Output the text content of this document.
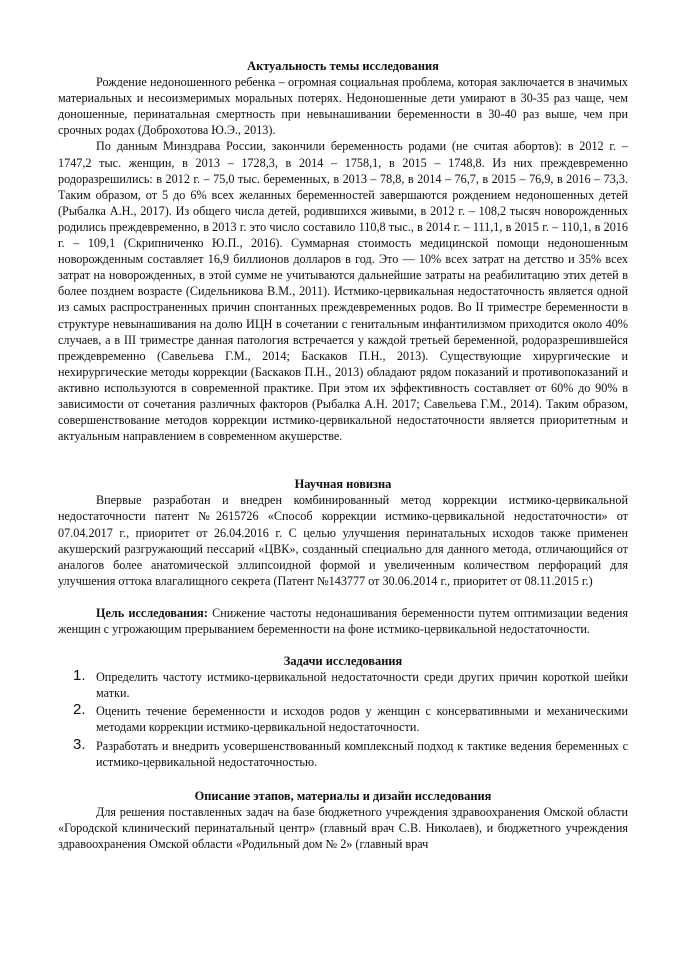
Актуальность темы исследования

Рождение недоношенного ребенка – огромная социальная проблема, которая заключается в значимых материальных и несоизмеримых моральных потерях. Недоношенные дети умирают в 30-35 раз чаще, чем доношенные, перинатальная смертность при невынашивании беременности в 30-40 раз выше, чем при срочных родах (Доброхотова Ю.Э., 2013).

По данным Минздрава России, закончили беременность родами (не считая абортов): в 2012 г. – 1747,2 тыс. женщин, в 2013 – 1728,3, в 2014 – 1758,1, в 2015 – 1748,8. Из них преждевременно родоразрешились: в 2012 г. – 75,0 тыс. беременных, в 2013 – 78,8, в 2014 – 76,7, в 2015 – 76,9, в 2016 – 73,3. Таким образом, от 5 до 6% всех желанных беременностей завершаются рождением недоношенных детей (Рыбалка А.Н., 2017). Из общего числа детей, родившихся живыми, в 2012 г. – 108,2 тысяч новорожденных родились преждевременно, в 2013 г. это число составило 110,8 тыс., в 2014 г. – 111,1, в 2015 г. – 110,1, в 2016 г. – 109,1 (Скрипниченко Ю.П., 2016). Суммарная стоимость медицинской помощи недоношенным новорожденным составляет 16,9 биллионов долларов в год. Это — 10% всех затрат на детство и 35% всех затрат на новорожденных, в этой сумме не учитываются дальнейшие затраты на реабилитацию этих детей в более позднем возрасте (Сидельникова В.М., 2011). Истмико-цервикальная недостаточность является одной из самых распространенных причин спонтанных преждевременных родов. Во II триместре беременности в структуре невынашивания на долю ИЦН в сочетании с генитальным инфантилизмом приходится около 40% случаев, а в III триместре данная патология встречается у каждой третьей беременной, родоразрешившейся преждевременно (Савельева Г.М., 2014; Баскаков П.Н., 2013). Существующие хирургические и нехирургические методы коррекции (Баскаков П.Н., 2013) обладают рядом показаний и противопоказаний и активно используются в современной практике. При этом их эффективность составляет от 60% до 90% в зависимости от сочетания различных факторов (Рыбалка А.Н. 2017; Савельева Г.М., 2014). Таким образом, совершенствование методов коррекции истмико-цервикальной недостаточности является приоритетным и актуальным направлением в современном акушерстве.

Научная новизна

Впервые разработан и внедрен комбинированный метод коррекции истмико-цервикальной недостаточности патент №2615726 «Способ коррекции истмико-цервикальной недостаточности» от 07.04.2017 г., приоритет от 26.04.2016 г. С целью улучшения перинатальных исходов также применен акушерский разгружающий пессарий «ЦВК», созданный специально для данного метода, отличающийся от аналогов более анатомической эллипсоидной формой и увеличенным количеством перфораций для улучшения оттока влагалищного секрета (Патент №143777 от 30.06.2014 г., приоритет от 08.11.2015 г.)

Цель исследования: Снижение частоты недонашивания беременности путем оптимизации ведения женщин с угрожающим прерыванием беременности на фоне истмико-цервикальной недостаточности.

Задачи исследования
1. Определить частоту истмико-цервикальной недостаточности среди других причин короткой шейки матки.
2. Оценить течение беременности и исходов родов у женщин с консервативными и механическими методами коррекции истмико-цервикальной недостаточности.
3. Разработать и внедрить усовершенствованный комплексный подход к тактике ведения беременных с истмико-цервикальной недостаточностью.
Описание этапов, материалы и дизайн исследования

Для решения поставленных задач на базе бюджетного учреждения здравоохранения Омской области «Городской клинический перинатальный центр» (главный врач С.В. Николаев), и бюджетного учреждения здравоохранения Омской области «Родильный дом № 2» (главный врач
